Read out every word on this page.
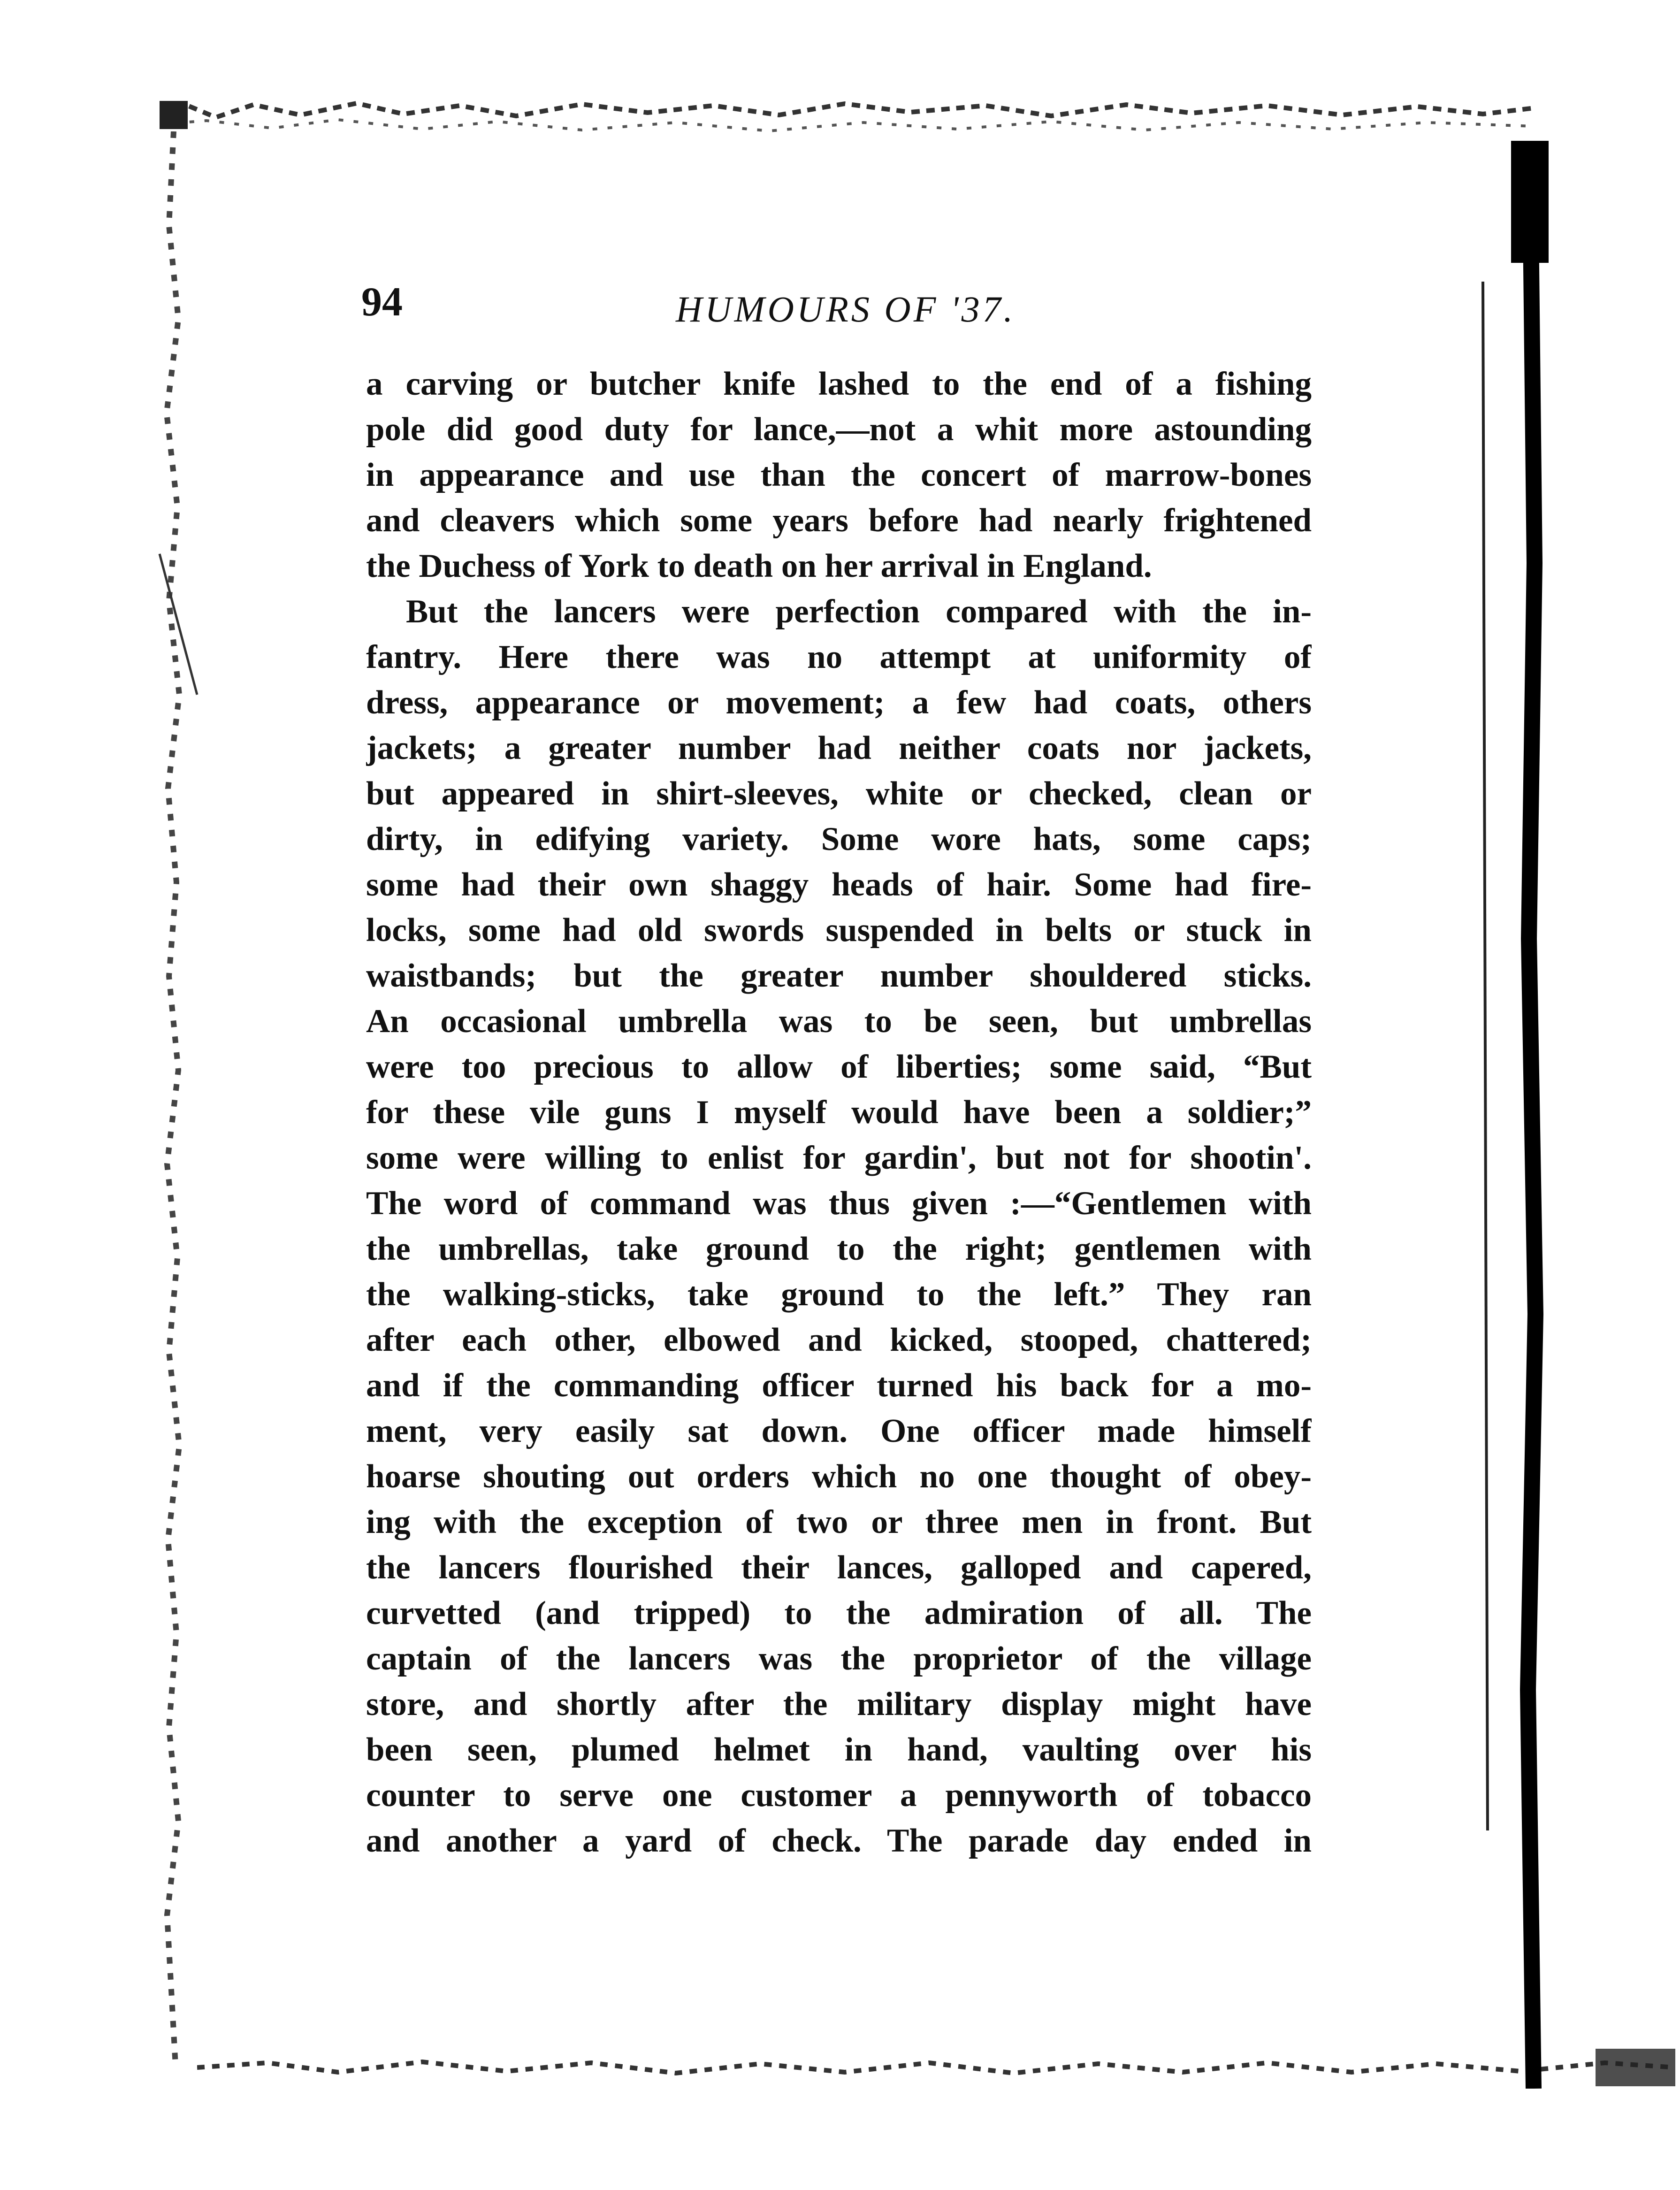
94	HUMOURS OF '37.
a carving or butcher knife lashed to the end of a fishing
pole did good duty for lance,—not a whit more astounding
in appearance and use than the concert of marrow-bones
and cleavers which some years before had nearly frightened
the Duchess of York to death on her arrival in England.
But the lancers were perfection compared with the in-
fantry. Here there was no attempt at uniformity of
dress, appearance or movement; a few had coats, others
jackets; a greater number had neither coats nor jackets,
but appeared in shirt-sleeves, white or checked, clean or
dirty, in edifying variety. Some wore hats, some caps;
some had their own shaggy heads of hair. Some had fire-
locks, some had old swords suspended in belts or stuck in
waistbands; but the greater number shouldered sticks.
An occasional umbrella was to be seen, but umbrellas
were too precious to allow of liberties; some said, “But
for these vile guns I myself would have been a soldier;”
some were willing to enlist for gardin', but not for shootin'.
The word of command was thus given :—“Gentlemen with
the umbrellas, take ground to the right; gentlemen with
the walking-sticks, take ground to the left.” They ran
after each other, elbowed and kicked, stooped, chattered;
and if the commanding officer turned his back for a mo-
ment, very easily sat down. One officer made himself
hoarse shouting out orders which no one thought of obey-
ing with the exception of two or three men in front. But
the lancers flourished their lances, galloped and capered,
curvetted (and tripped) to the admiration of all. The
captain of the lancers was the proprietor of the village
store, and shortly after the military display might have
been seen, plumed helmet in hand, vaulting over his
counter to serve one customer a pennyworth of tobacco
and another a yard of check. The parade day ended in
